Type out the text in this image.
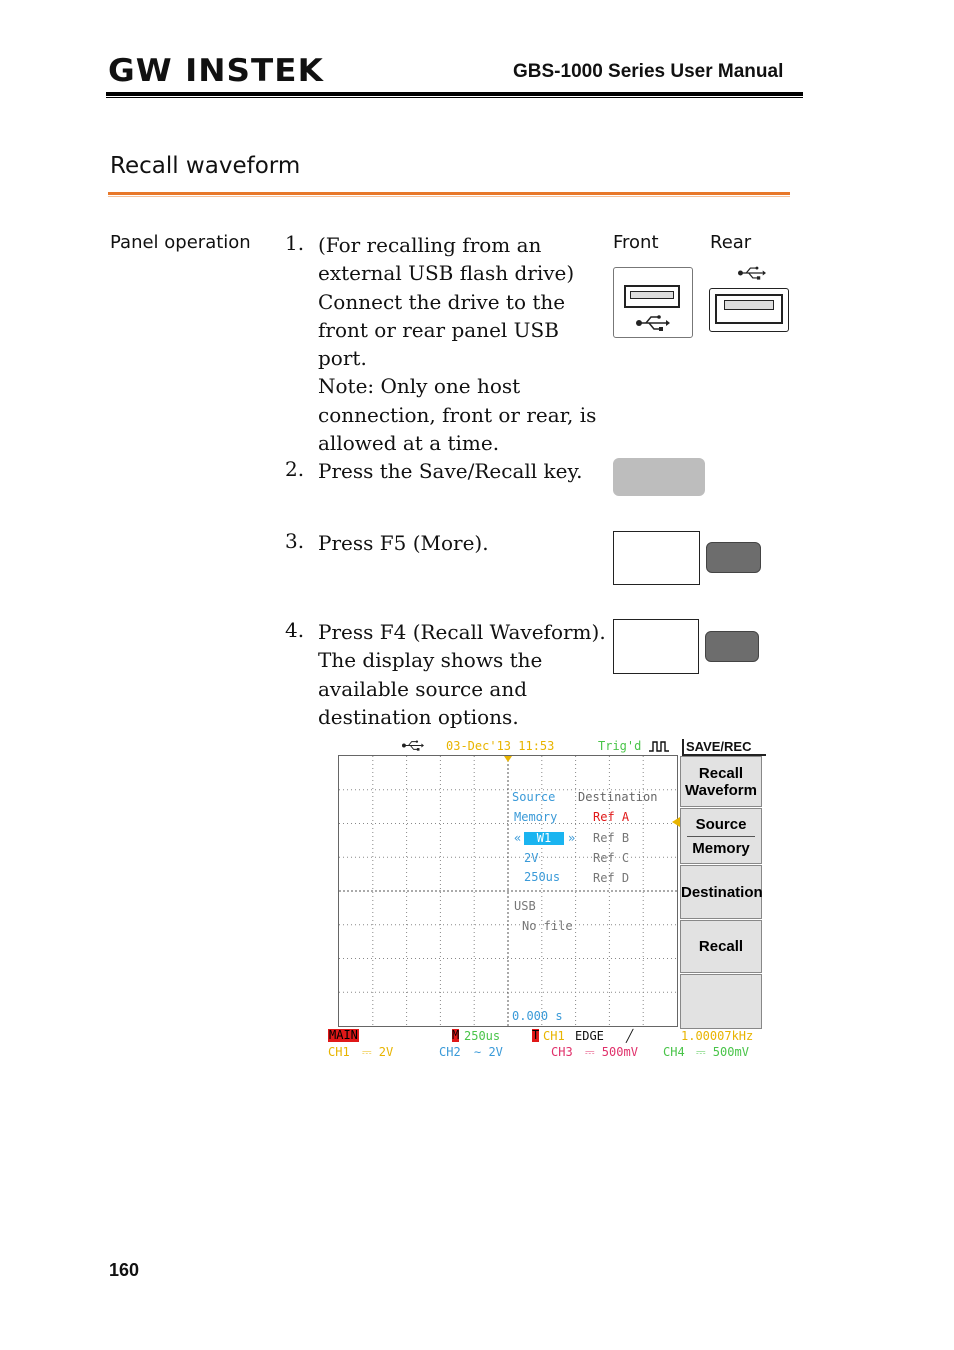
GW INSTEK	GBS-1000 Series User Manual
Recall waveform
Panel operation 1. (For recalling from an
external USB flash drive)
Connect the drive to the
front or rear panel USB port.
Note: Only one host
connection, front or rear, is
allowed at a time.
Front	Rear
2. Press the Save/Recall key.
3. Press F5 (More).
4. Press F4 (Recall Waveform).
The display shows the
available source and
destination options.
03-Dec'13 11:53	Trig'd
Source Destination
Memory	Ref A
«	W1	» Ref B
2V	Ref C
250us	Ref D
USB
No file
0.000 s
SAVE/REC
Recall
Waveform
Source
Memory
Destination
Recall
MAIN	M 250us	T CH1 EDGE ╱	1.00007kHz
CH1 ⎓ 2V	CH2 ∼ 2V	CH3 ⎓ 500mV CH4 ⎓ 500mV
160
